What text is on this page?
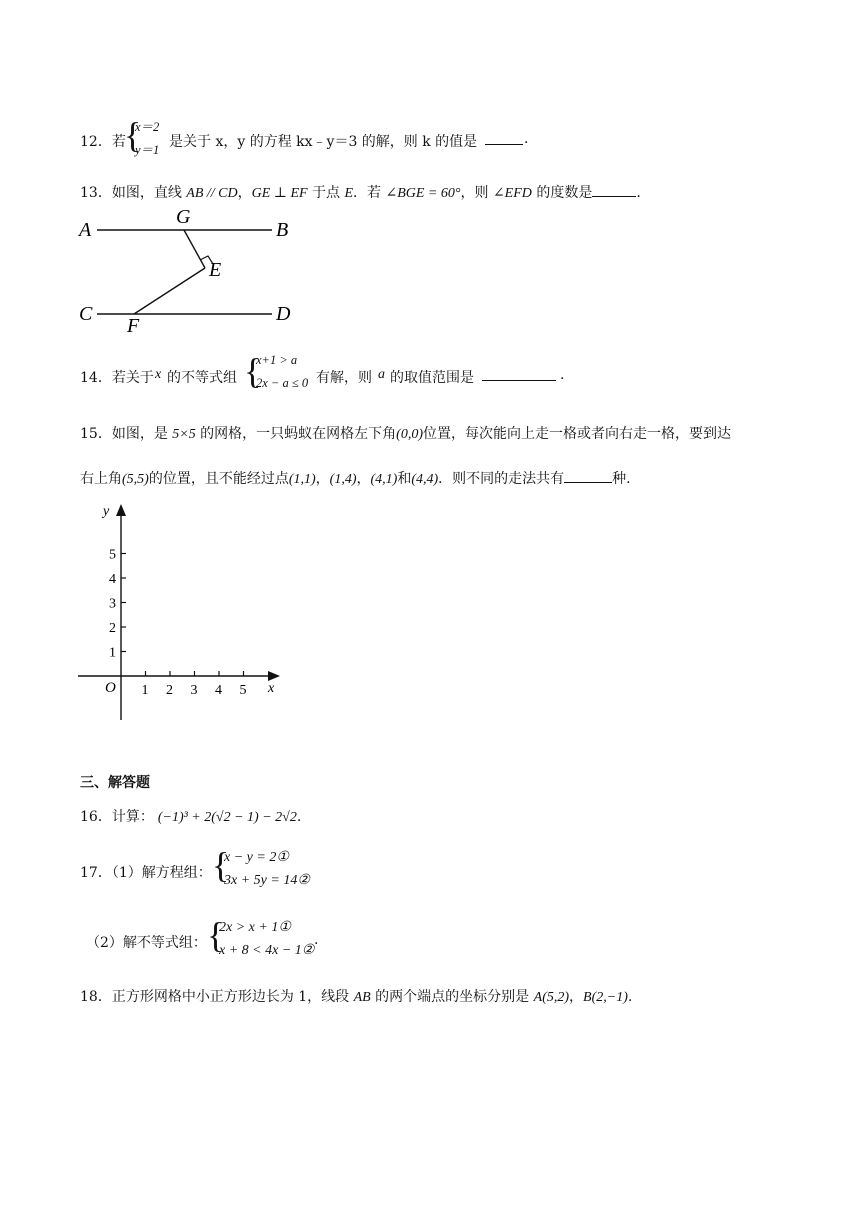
12．若
{
x＝2
y＝1 是关于 x，y 的方程 kx﹣y＝3 的解，则 k 的值是	.
13．如图，直线 AB // CD，GE ⊥ EF 于点 E．若 ∠BGE = 60°，则 ∠EFD 的度数是	.
A	B
G
E
C	D
F
14．若关于 x 的不等式组 {
x+1 > a
2x − a ≤ 0 有解，则 a 的取值范围是	.
15．如图，是 5×5 的网格，一只蚂蚁在网格左下角(0,0)位置，每次能向上走一格或者向右走一格，要到达
右上角(5,5)的位置，且不能经过点(1,1)，(1,4)，(4,1)和(4,4)．则不同的走法共有	种.
1 2 3 4 5
1
2
3
4
5
y
x
O
三、解答题
16．计算： (−1)³ + 2(√2 − 1) − 2√2.
17．（1）解方程组： {
x − y = 2①
3x + 5y = 14②
（2）解不等式组： {
2x > x + 1①
x + 8 < 4x − 1②
.
18．正方形网格中小正方形边长为 1，线段 AB 的两个端点的坐标分别是 A(5,2)，B(2,−1).
